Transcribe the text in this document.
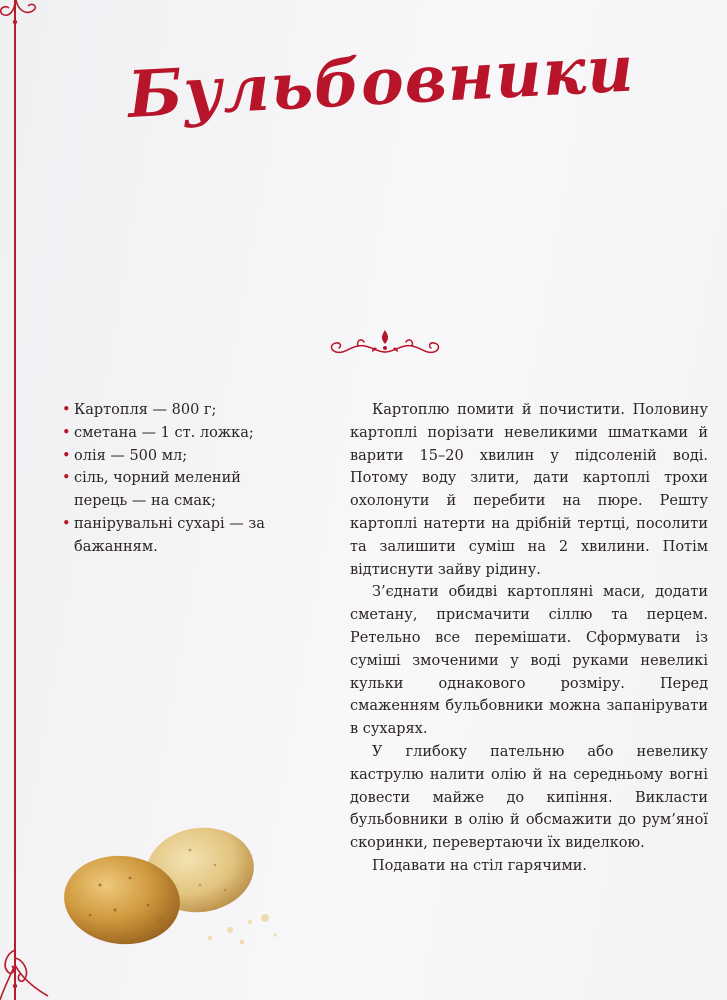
Бульбовники
• Картопля — 800 г;
• сметана — 1 ст. ложка;
• олія — 500 мл;
• сіль, чорний мелений перець — на смак;
• панірувальні сухарі — за бажанням.

Картоплю помити й почистити. Половину картоплі порізати невеликими шматками й варити 15–20 хвилин у підсоленій воді. Потому воду злити, дати картоплі трохи охолонути й перебити на пюре. Решту картоплі натерти на дрібній тертці, посолити та залишити суміш на 2 хвилини. Потім відтиснути зайву рідину.

З’єднати обидві картопляні маси, додати сметану, присмачити сіллю та перцем. Ретельно все перемішати. Сформувати із суміші змоченими у воді руками невеликі кульки однакового розміру. Перед смаженням бульбовники можна запанірувати в сухарях.

У глибоку пательню або невелику каструлю налити олію й на середньому вогні довести майже до кипіння. Викласти бульбовники в олію й обсмажити до рум’яної скоринки, перевертаючи їх виделкою.

Подавати на стіл гарячими.
